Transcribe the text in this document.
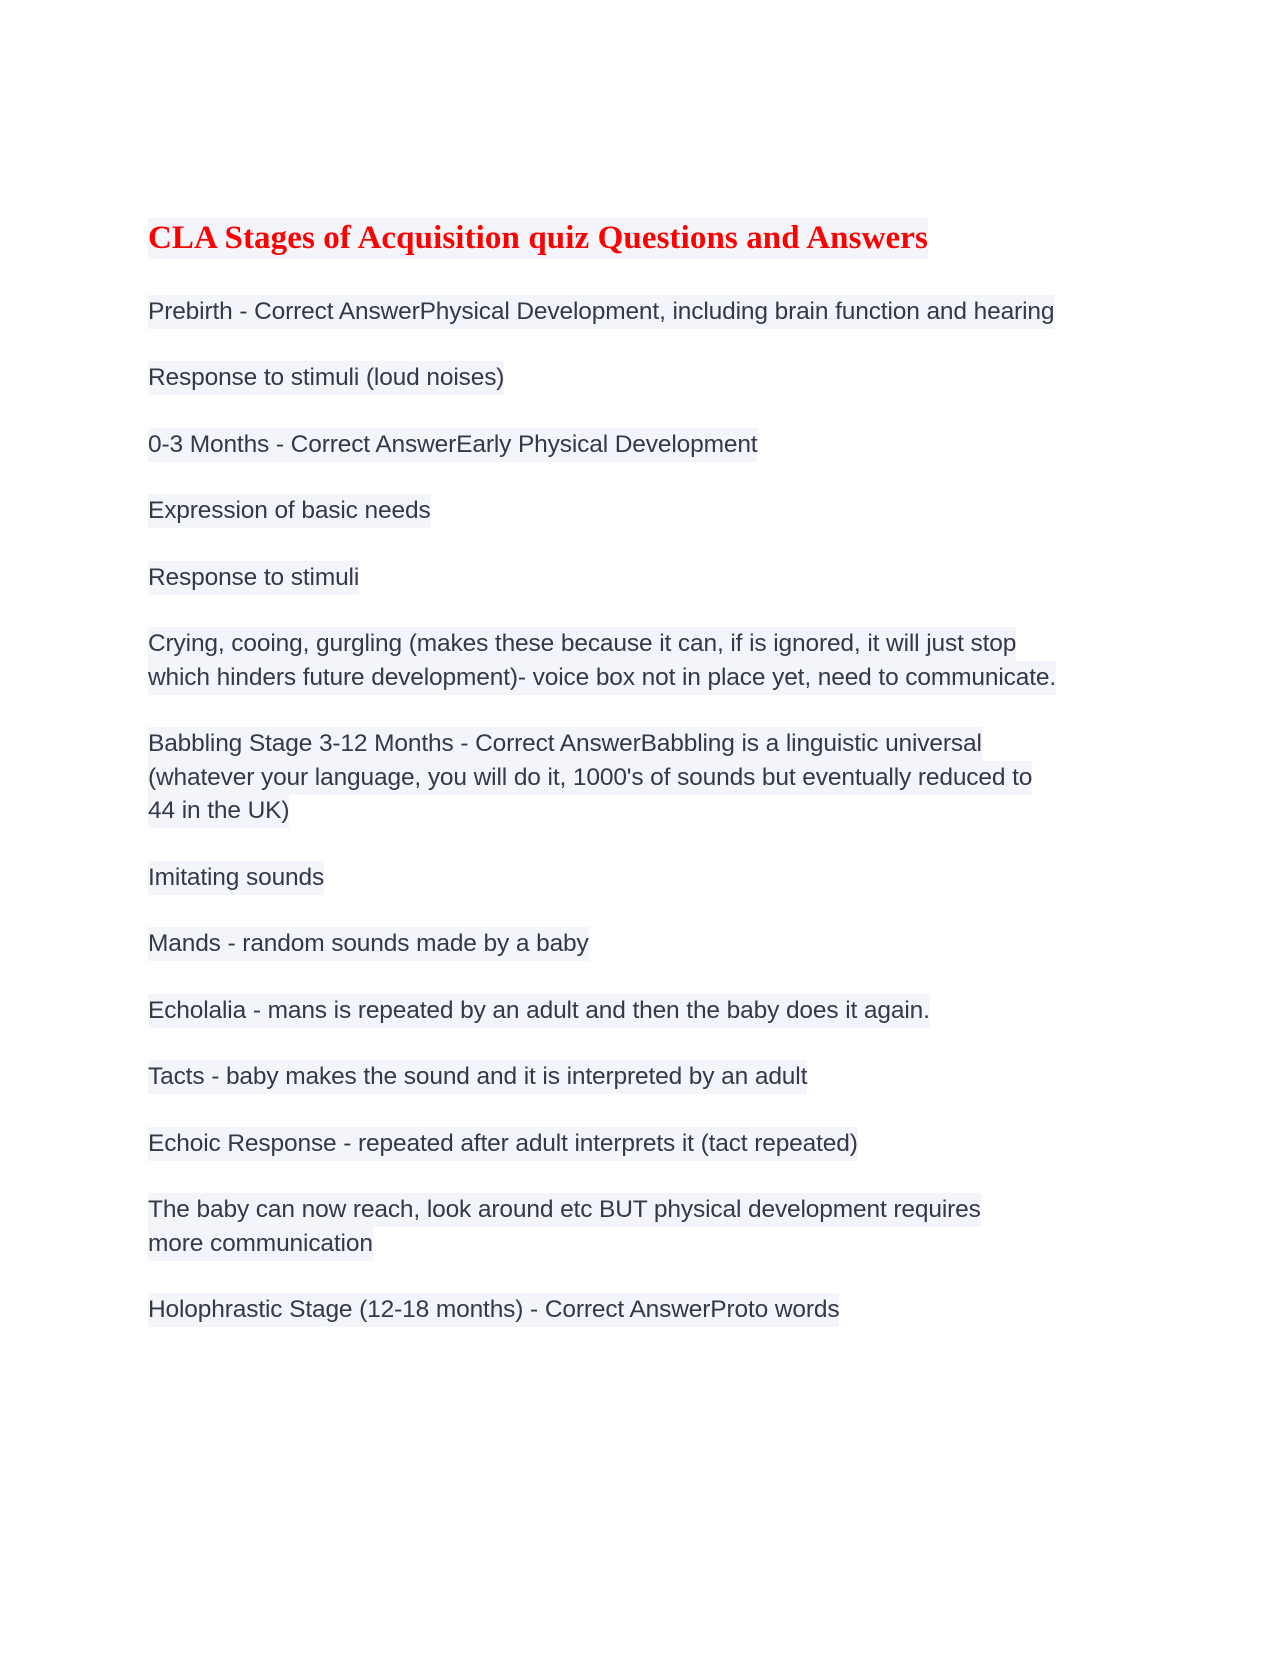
CLA Stages of Acquisition quiz Questions and Answers

Prebirth - Correct AnswerPhysical Development, including brain function and hearing

Response to stimuli (loud noises)

0-3 Months - Correct AnswerEarly Physical Development

Expression of basic needs

Response to stimuli

Crying, cooing, gurgling (makes these because it can, if is ignored, it will just stop which hinders future development)- voice box not in place yet, need to communicate.

Babbling Stage 3-12 Months - Correct AnswerBabbling is a linguistic universal (whatever your language, you will do it, 1000's of sounds but eventually reduced to 44 in the UK)

Imitating sounds

Mands - random sounds made by a baby

Echolalia - mans is repeated by an adult and then the baby does it again.

Tacts - baby makes the sound and it is interpreted by an adult

Echoic Response - repeated after adult interprets it (tact repeated)

The baby can now reach, look around etc BUT physical development requires more communication

Holophrastic Stage (12-18 months) - Correct AnswerProto words
